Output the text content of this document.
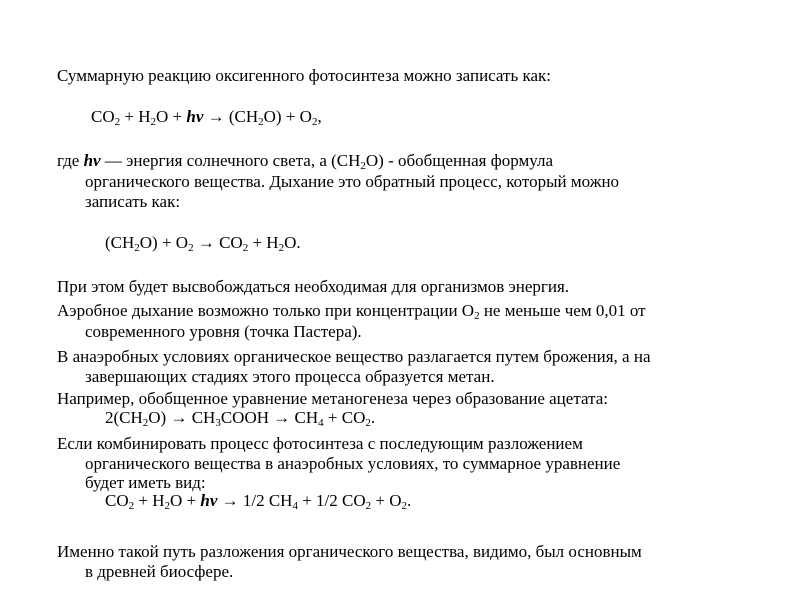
Суммарную реакцию оксигенного фотосинтеза можно записать как:
$CO_2 + H_2O$ + hv → $(CH_2O) + O_2$,
где hv — энергия солнечного света, а $(CH_2O)$ - обобщенная формула
органического вещества. Дыхание это обратный процесс, который можно
записать как:
$(CH_2O) + O_2 \to CO_2 + H_2O$.
При этом будет высвобождаться необходимая для организмов энергия.
Аэробное дыхание возможно только при концентрации $O_2$ не меньше чем 0,01 от
современного уровня (точка Пастера).
В анаэробных условиях органическое вещество разлагается путем брожения, а на
завершающих стадиях этого процесса образуется метан.
Например, обобщенное уравнение метаногенеза через образование ацетата:
$2(CH_2O)$ → $CH_3COOH \to CH_4 + CO_2$.
Если комбинировать процесс фотосинтеза с последующим разложением
органического вещества в анаэробных условиях, то суммарное уравнение
будет иметь вид:
$CO_2 + H_2O$ + hv → 1/2 $CH_4 + 1/2$ $CO_2 + O_2$.
Именно такой путь разложения органического вещества, видимо, был основным
в древней биосфере.
